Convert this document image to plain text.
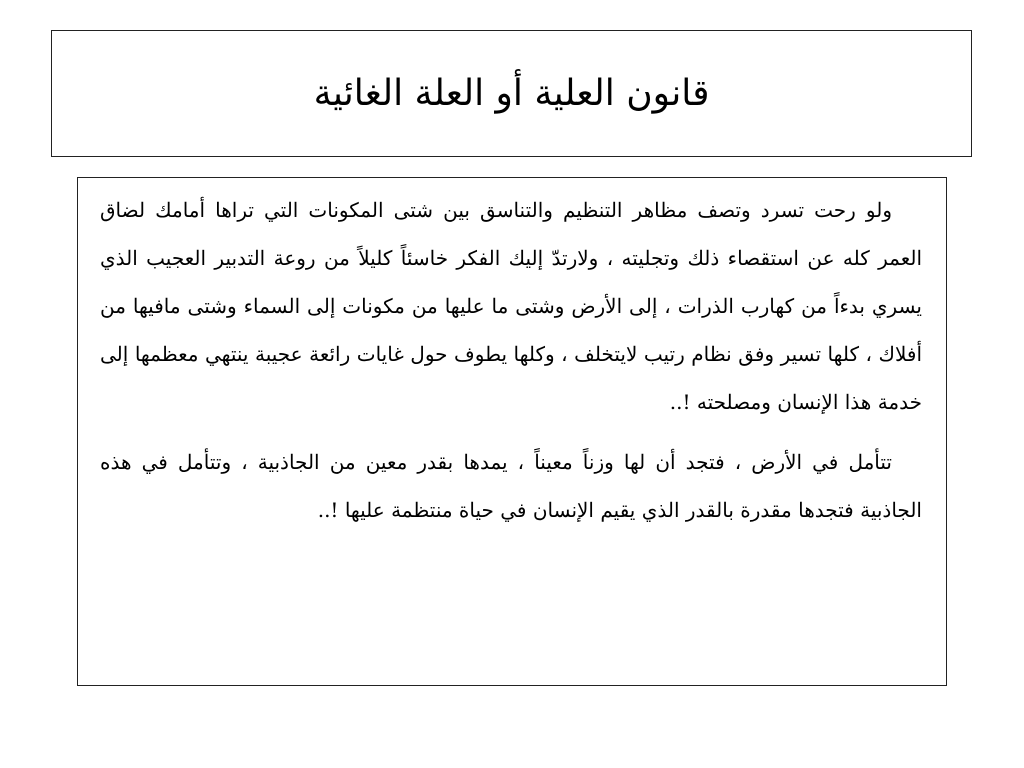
قانون العلية أو العلة الغائية

ولو رحت تسرد وتصف مظاهر التنظيم والتناسق بين شتى المكونات التي تراها أمامك لضاق العمر كله عن استقصاء ذلك وتجليته ، ولارتدّ إليك الفكر خاسئاً كليلاً من روعة التدبير العجيب الذي يسري بدءاً من كهارب الذرات ، إلى الأرض وشتى ما عليها من مكونات إلى السماء وشتى مافيها من أفلاك ، كلها تسير وفق نظام رتيب لايتخلف ، وكلها يطوف حول غايات رائعة عجيبة ينتهي معظمها إلى خدمة هذا الإنسان ومصلحته !..

تتأمل في الأرض ، فتجد أن لها وزناً معيناً ، يمدها بقدر معين من الجاذبية ، وتتأمل في هذه الجاذبية فتجدها مقدرة بالقدر الذي يقيم الإنسان في حياة منتظمة عليها !..
